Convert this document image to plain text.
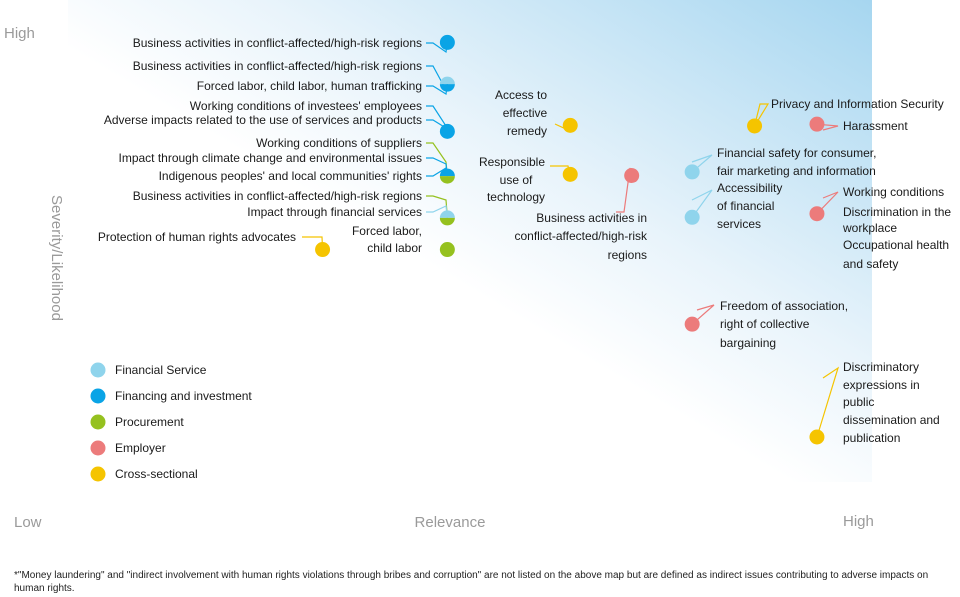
Business activities in conflict-affected/high-risk regions
Business activities in conflict-affected/high-risk regions
Forced labor, child labor, human trafficking
Working conditions of investees' employees
Adverse impacts related to the use of services and products
Working conditions of suppliers
Impact through climate change and environmental issues
Indigenous peoples' and local communities' rights
Business activities in conflict-affected/high-risk regions
Impact through financial services
Protection of human rights advocates	Forced labor,
child labor
Access to
effective
remedy
Responsible
use of
technology
Business activities in
conflict-affected/high-risk
regions
Financial safety for consumer,
fair marketing and information
Accessibility
of financial
services
Privacy and Information Security
Harassment
Working conditions
Discrimination in the
workplace
Occupational health
and safety
Freedom of association,
right of collective
bargaining
Discriminatory
expressions in
public
dissemination and
publication
Financial Service
Financing and investment
Procurement
Employer
Cross-sectional
High
Severity/Likelihood
Low	Relevance	High
*"Money laundering" and "indirect involvement with human rights violations through bribes and corruption" are not listed on the above map but are defined as indirect issues contributing to adverse impacts on human rights.
